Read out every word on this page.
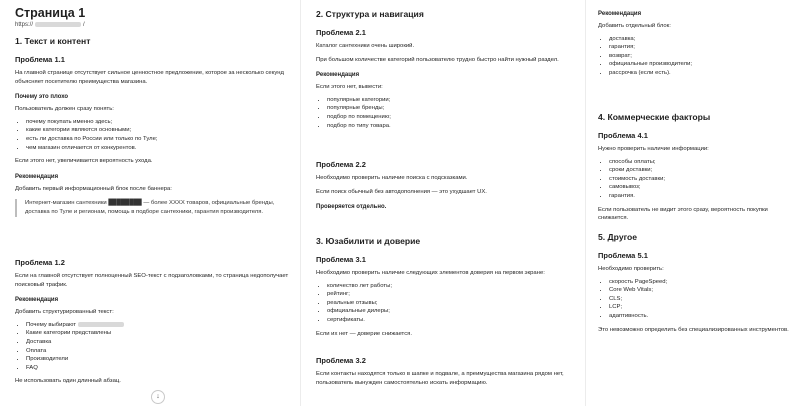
Страница 1
https://	/
1. Текст и контент
Проблема 1.1
На главной странице отсутствует сильное ценностное предложение, которое за несколько секунд объясняет посетителю преимущества магазина.
Почему это плохо
Пользователь должен сразу понять:
• почему покупать именно здесь;
• какие категории являются основными;
• есть ли доставка по России или только по Туле;
• чем магазин отличается от конкурентов.
Если этого нет, увеличивается вероятность ухода.
Рекомендация
Добавить первый информационный блок после баннера:
Интернет-магазин сантехники ████████ — более XXXX товаров, официальные бренды, доставка по Туле и регионам, помощь в подборе сантехники, гарантия производителя.
Проблема 1.2
Если на главной отсутствует полноценный SEO-текст с подзаголовками, то страница недополучает поисковый трафик.
Рекомендация
Добавить структурированный текст:
• Почему выбирают
• Какие категории представлены
• Доставка
• Оплата
• Производители
• FAQ
Не использовать один длинный абзац.
↓
2. Структура и навигация
Проблема 2.1
Каталог сантехники очень широкий.
При большом количестве категорий пользователю трудно быстро найти нужный раздел.
Рекомендация
Если этого нет, вывести:
• популярные категории;
• популярные бренды;
• подбор по помещению;
• подбор по типу товара.
Проблема 2.2
Необходимо проверить наличие поиска с подсказками.
Если поиск обычный без автодополнения — это ухудшает UX.
Проверяется отдельно.
3. Юзабилити и доверие
Проблема 3.1
Необходимо проверить наличие следующих элементов доверия на первом экране:
• количество лет работы;
• рейтинг;
• реальные отзывы;
• официальные дилеры;
• сертификаты.
Если их нет — доверие снижается.
Проблема 3.2
Если контакты находятся только в шапке и подвале, а преимущества магазина рядом нет, пользователь вынужден самостоятельно искать информацию.
Рекомендация
Добавить отдельный блок:
• доставка;
• гарантия;
• возврат;
• официальные производители;
• рассрочка (если есть).
4. Коммерческие факторы
Проблема 4.1
Нужно проверить наличие информации:
• способы оплаты;
• сроки доставки;
• стоимость доставки;
• самовывоз;
• гарантия.
Если пользователь не видит этого сразу, вероятность покупки снижается.
5. Другое
Проблема 5.1
Необходимо проверить:
• скорость PageSpeed;
• Core Web Vitals;
• CLS;
• LCP;
• адаптивность.
Это невозможно определить без специализированных инструментов.
